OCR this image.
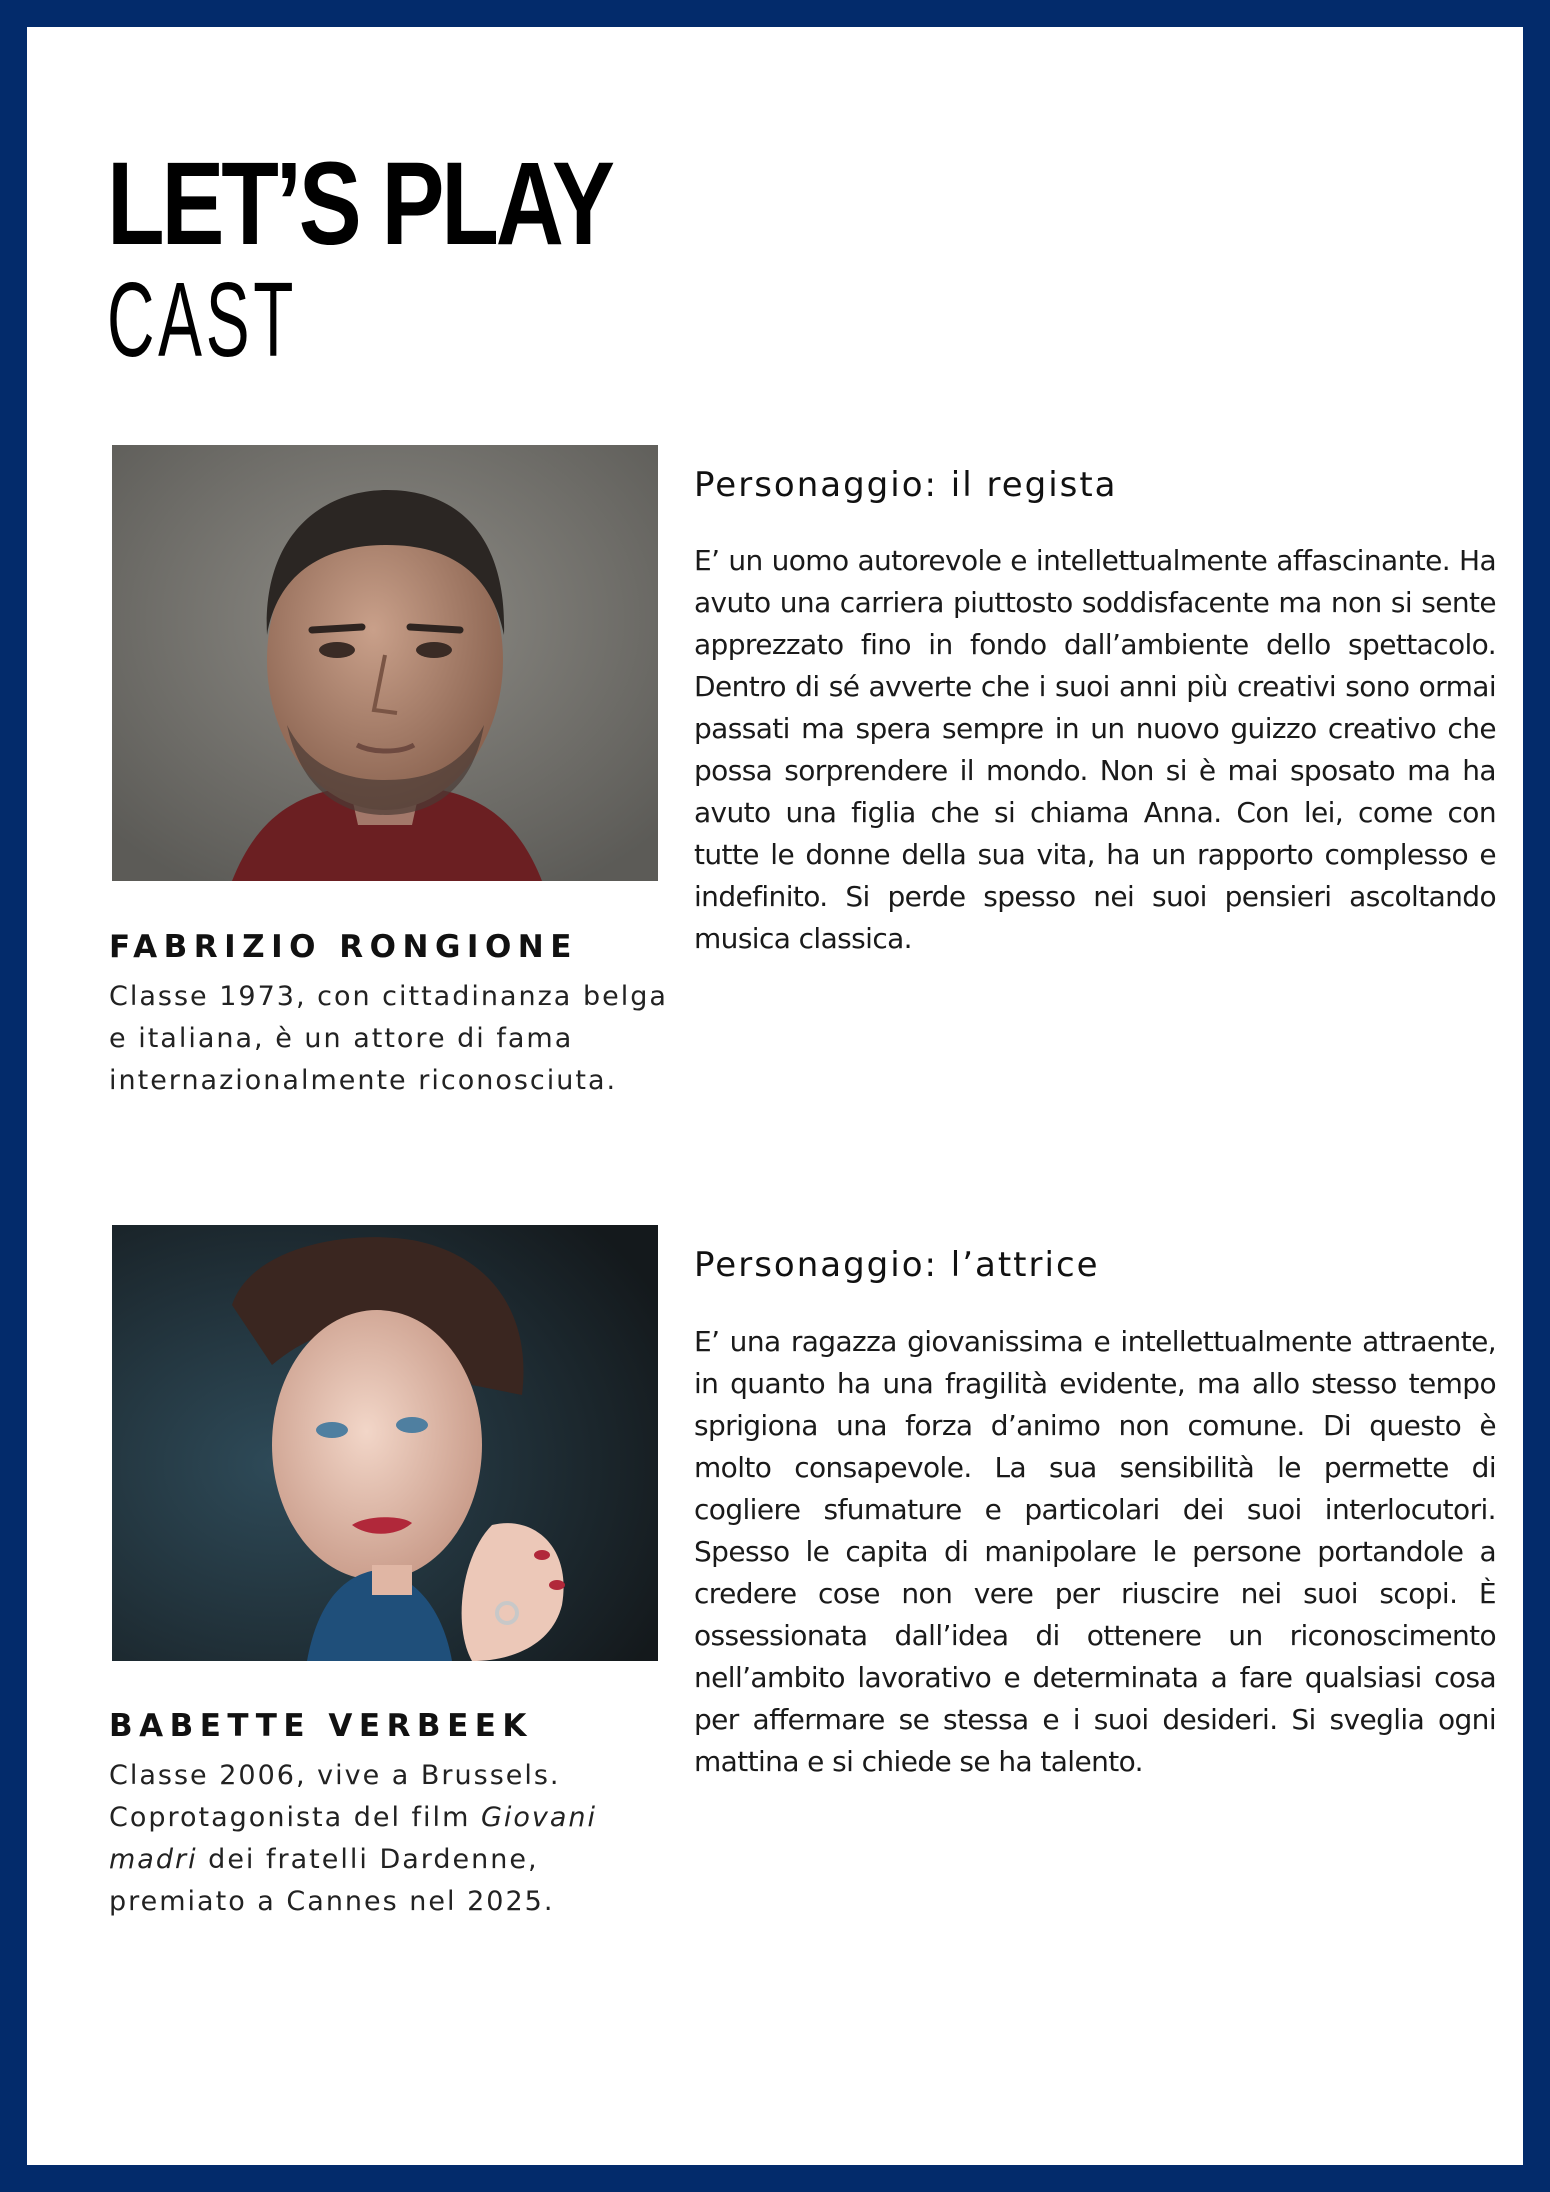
LET’S PLAY
CAST
FABRIZIO RONGIONE
Classe 1973, con cittadinanza belga e italiana, è un attore di fama internazionalmente riconosciuta.
Personaggio: il regista
E’ un uomo autorevole e intellettualmente affascinante. Ha avuto una carriera piuttosto soddisfacente ma non si sente apprezzato fino in fondo dall’ambiente dello spettacolo. Dentro di sé avverte che i suoi anni più creativi sono ormai passati ma spera sempre in un nuovo guizzo creativo che possa sorprendere il mondo. Non si è mai sposato ma ha avuto una figlia che si chiama Anna. Con lei, come con tutte le donne della sua vita, ha un rapporto complesso e indefinito. Si perde spesso nei suoi pensieri ascoltando musica classica.
BABETTE VERBEEK
Classe 2006, vive a Brussels. Coprotagonista del film Giovani madri dei fratelli Dardenne, premiato a Cannes nel 2025.
Personaggio: l’attrice
E’ una ragazza giovanissima e intellettualmente attraente, in quanto ha una fragilità evidente, ma allo stesso tempo sprigiona una forza d’animo non comune. Di questo è molto consapevole. La sua sensibilità le permette di cogliere sfumature e particolari dei suoi interlocutori. Spesso le capita di manipolare le persone portandole a credere cose non vere per riuscire nei suoi scopi. È ossessionata dall’idea di ottenere un riconoscimento nell’ambito lavorativo e determinata a fare qualsiasi cosa per affermare se stessa e i suoi desideri. Si sveglia ogni mattina e si chiede se ha talento.
